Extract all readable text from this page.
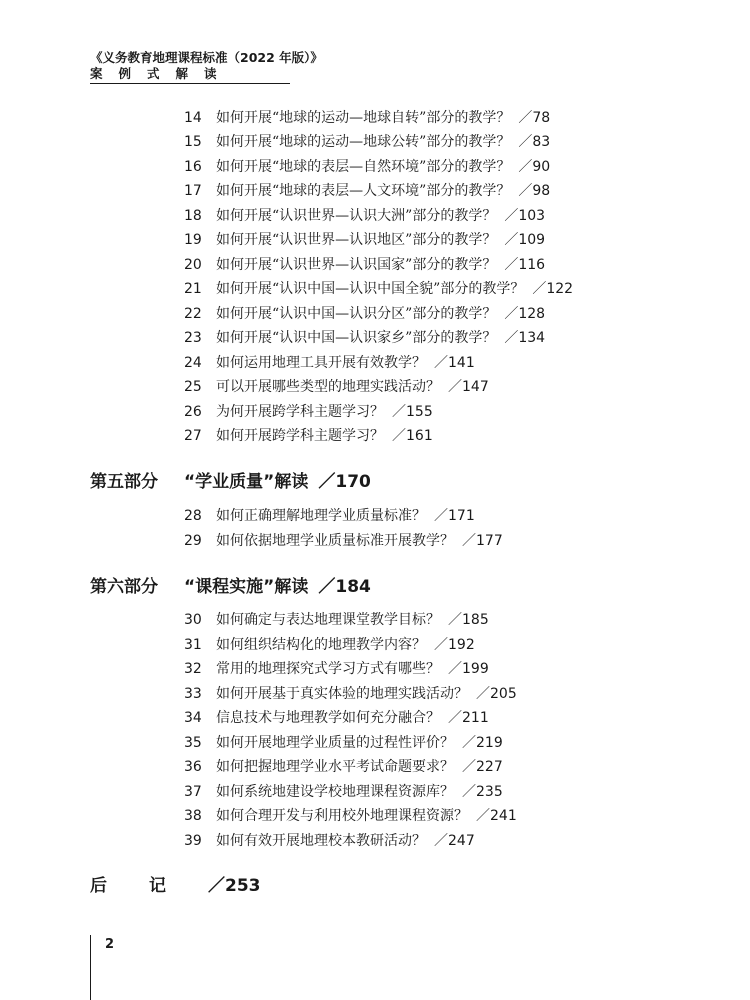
《义务教育地理课程标准（2022 年版）》
案例式解读
14 如何开展“地球的运动—地球自转”部分的教学？ ／78
15 如何开展“地球的运动—地球公转”部分的教学？ ／83
16 如何开展“地球的表层—自然环境”部分的教学？ ／90
17 如何开展“地球的表层—人文环境”部分的教学？ ／98
18 如何开展“认识世界—认识大洲”部分的教学？ ／103
19 如何开展“认识世界—认识地区”部分的教学？ ／109
20 如何开展“认识世界—认识国家”部分的教学？ ／116
21 如何开展“认识中国—认识中国全貌”部分的教学？ ／122
22 如何开展“认识中国—认识分区”部分的教学？ ／128
23 如何开展“认识中国—认识家乡”部分的教学？ ／134
24 如何运用地理工具开展有效教学？ ／141
25 可以开展哪些类型的地理实践活动？ ／147
26 为何开展跨学科主题学习？ ／155
27 如何开展跨学科主题学习？ ／161
第五部分 “学业质量”解读 ／170
28 如何正确理解地理学业质量标准？ ／171
29 如何依据地理学业质量标准开展教学？ ／177
第六部分 “课程实施”解读 ／184
30 如何确定与表达地理课堂教学目标？ ／185
31 如何组织结构化的地理教学内容？ ／192
32 常用的地理探究式学习方式有哪些？ ／199
33 如何开展基于真实体验的地理实践活动？ ／205
34 信息技术与地理教学如何充分融合？ ／211
35 如何开展地理学业质量的过程性评价？ ／219
36 如何把握地理学业水平考试命题要求？ ／227
37 如何系统地建设学校地理课程资源库？ ／235
38 如何合理开发与利用校外地理课程资源？ ／241
39 如何有效开展地理校本教研活动？ ／247
后记／253
2
